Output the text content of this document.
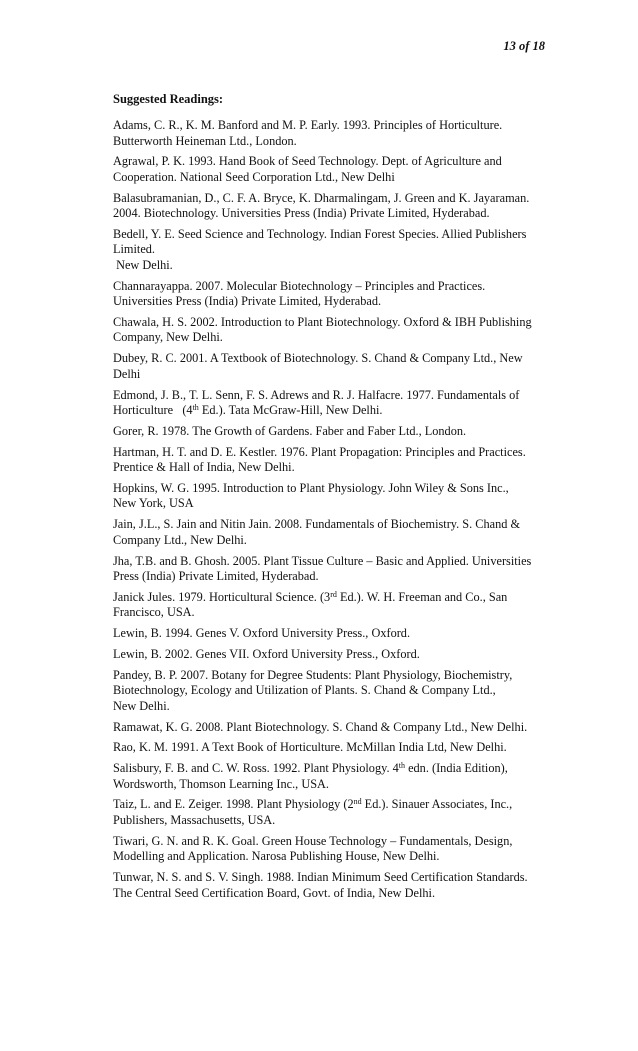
13 of 18
Suggested Readings:

Adams, C. R., K. M. Banford and M. P. Early. 1993. Principles of Horticulture.
Butterworth Heineman Ltd., London.

Agrawal, P. K. 1993. Hand Book of Seed Technology. Dept. of Agriculture and
Cooperation. National Seed Corporation Ltd., New Delhi

Balasubramanian, D., C. F. A. Bryce, K. Dharmalingam, J. Green and K. Jayaraman.
2004. Biotechnology. Universities Press (India) Private Limited, Hyderabad.

Bedell, Y. E. Seed Science and Technology. Indian Forest Species. Allied Publishers
Limited.
New Delhi.

Channarayappa. 2007. Molecular Biotechnology – Principles and Practices.
Universities Press (India) Private Limited, Hyderabad.

Chawala, H. S. 2002. Introduction to Plant Biotechnology. Oxford & IBH Publishing
Company, New Delhi.

Dubey, R. C. 2001. A Textbook of Biotechnology. S. Chand & Company Ltd., New
Delhi

Edmond, J. B., T. L. Senn, F. S. Adrews and R. J. Halfacre. 1977. Fundamentals of
Horticulture   (4th Ed.). Tata McGraw-Hill, New Delhi.

Gorer, R. 1978. The Growth of Gardens. Faber and Faber Ltd., London.

Hartman, H. T. and D. E. Kestler. 1976. Plant Propagation: Principles and Practices.
Prentice & Hall of India, New Delhi.

Hopkins, W. G. 1995. Introduction to Plant Physiology. John Wiley & Sons Inc.,
New York, USA

Jain, J.L., S. Jain and Nitin Jain. 2008. Fundamentals of Biochemistry. S. Chand &
Company Ltd., New Delhi.

Jha, T.B. and B. Ghosh. 2005. Plant Tissue Culture – Basic and Applied. Universities
Press (India) Private Limited, Hyderabad.

Janick Jules. 1979. Horticultural Science. (3rd Ed.). W. H. Freeman and Co., San
Francisco, USA.

Lewin, B. 1994. Genes V. Oxford University Press., Oxford.

Lewin, B. 2002. Genes VII. Oxford University Press., Oxford.

Pandey, B. P. 2007. Botany for Degree Students: Plant Physiology, Biochemistry,
Biotechnology, Ecology and Utilization of Plants. S. Chand & Company Ltd.,
New Delhi.

Ramawat, K. G. 2008. Plant Biotechnology. S. Chand & Company Ltd., New Delhi.

Rao, K. M. 1991. A Text Book of Horticulture. McMillan India Ltd, New Delhi.

Salisbury, F. B. and C. W. Ross. 1992. Plant Physiology. 4th edn. (India Edition),
Wordsworth, Thomson Learning Inc., USA.

Taiz, L. and E. Zeiger. 1998. Plant Physiology (2nd Ed.). Sinauer Associates, Inc.,
Publishers, Massachusetts, USA.

Tiwari, G. N. and R. K. Goal. Green House Technology – Fundamentals, Design,
Modelling and Application. Narosa Publishing House, New Delhi.

Tunwar, N. S. and S. V. Singh. 1988. Indian Minimum Seed Certification Standards.
The Central Seed Certification Board, Govt. of India, New Delhi.
